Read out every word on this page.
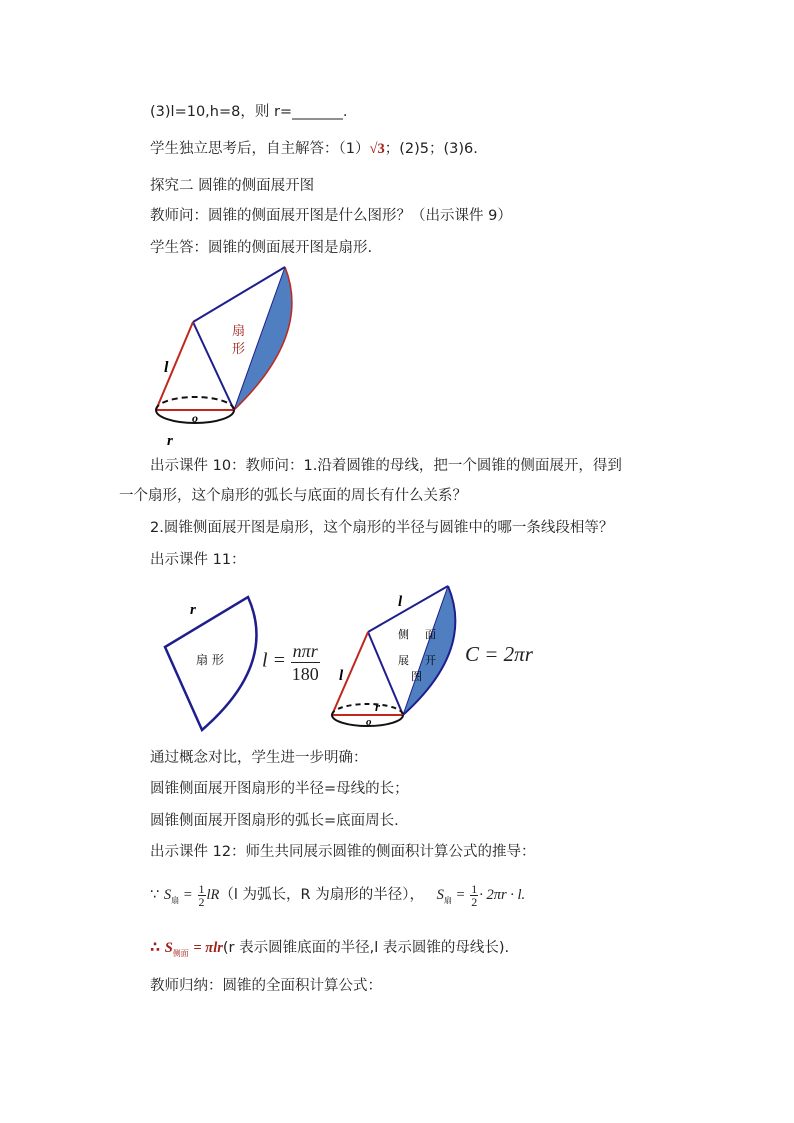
(3)l=10,h=8，则 r=_______.
学生独立思考后，自主解答：（1）√3；(2)5；(3)6.
探究二 圆锥的侧面展开图
教师问：圆锥的侧面展开图是什么图形？（出示课件 9）
学生答：圆锥的侧面展开图是扇形.
扇
形
l
o
r
出示课件 10：教师问：1.沿着圆锥的母线，把一个圆锥的侧面展开，得到
一个扇形，这个扇形的弧长与底面的周长有什么关系？
2.圆锥侧面展开图是扇形，这个扇形的半径与圆锥中的哪一条线段相等？
出示课件 11：
r
扇 形 l = nπr
180
l
l
o
r
侧 面
展 开
图
C = 2πr
通过概念对比，学生进一步明确：
圆锥侧面展开图扇形的半径=母线的长；
圆锥侧面展开图扇形的弧长=底面周长.
出示课件 12：师生共同展示圆锥的侧面积计算公式的推导：
∵ $S_扇 = \frac{1}{2} lR(l$ 为弧长，R 为扇形的半径）， $S_扇 = \frac{1}{2} \cdot 2\pi r \cdot l$.
∴ $S_{侧面} = \pi lr(r$ 表示圆锥底面的半径,l 表示圆锥的母线长).
教师归纳：圆锥的全面积计算公式：
